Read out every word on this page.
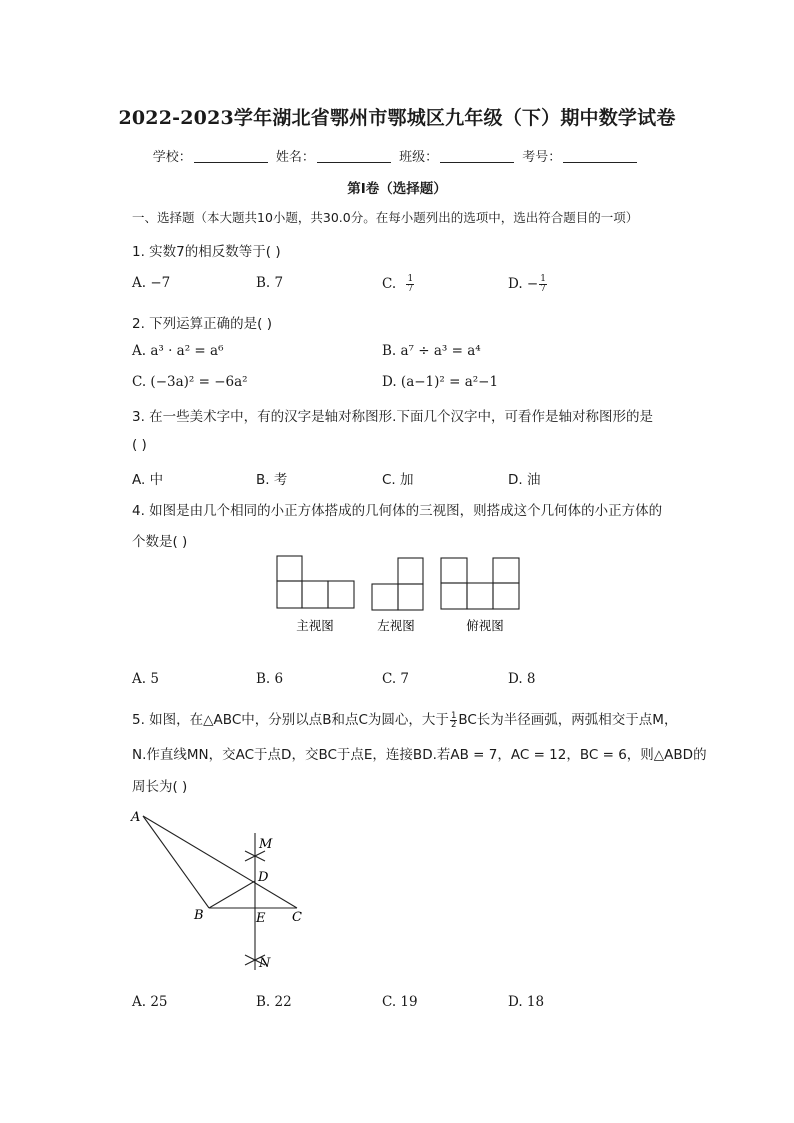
2022-2023学年湖北省鄂州市鄂城区九年级（下）期中数学试卷
学校：	姓名：	班级：	考号：
第I卷（选择题）
一、选择题（本大题共10小题，共30.0分。在每小题列出的选项中，选出符合题目的一项）
1. 实数7的相反数等于( )
A. −7	B. 7	C. $\frac{1}{7}$	D. − $\frac{1}{7}$
2. 下列运算正确的是( )
A. a³ · a² = a⁶	B. a⁷ ÷ a³ = a⁴
C. (−3a)² = −6a²	D. (a−1)² = a²−1
3. 在一些美术字中，有的汉字是轴对称图形.下面几个汉字中，可看作是轴对称图形的是
( )
A. 中	B. 考	C. 加	D. 油
4. 如图是由几个相同的小正方体搭成的几何体的三视图，则搭成这个几何体的小正方体的
个数是( )
主视图	左视图	俯视图
A. 5	B. 6	C. 7	D. 8
5. 如图，在△ABC中，分别以点B和点C为圆心，大于 $\frac{1}{2}$ BC长为半径画弧，两弧相交于点M，
N.作直线MN，交AC于点D，交BC于点E，连接BD.若AB = 7，AC = 12，BC = 6，则△ABD的
周长为( )
A
B	C
D
E
M
N
A. 25	B. 22	C. 19	D. 18
